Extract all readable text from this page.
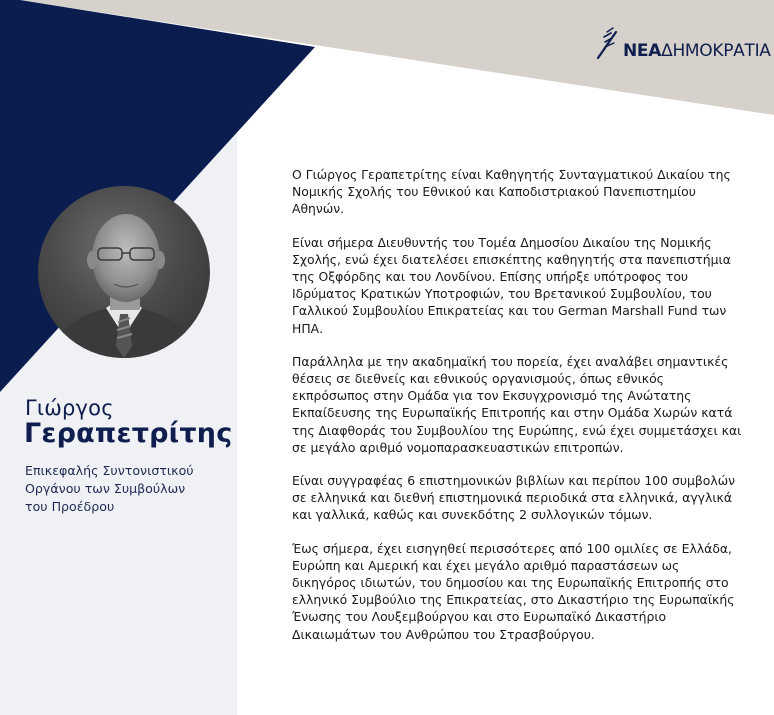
ΝΕΑΔΗΜΟΚΡΑΤΙΑ
Γιώργος
Γεραπετρίτης
Επικεφαλής Συντονιστικού
Οργάνου των Συμβούλων
του Προέδρου

Ο Γιώργος Γεραπετρίτης είναι Καθηγητής Συνταγματικού Δικαίου της
Νομικής Σχολής του Εθνικού και Καποδιστριακού Πανεπιστημίου
Αθηνών.

Είναι σήμερα Διευθυντής του Τομέα Δημοσίου Δικαίου της Νομικής
Σχολής, ενώ έχει διατελέσει επισκέπτης καθηγητής στα πανεπιστήμια
της Οξφόρδης και του Λονδίνου. Επίσης υπήρξε υπότροφος του
Ιδρύματος Κρατικών Υποτροφιών, του Βρετανικού Συμβουλίου, του
Γαλλικού Συμβουλίου Επικρατείας και του German Marshall Fund των
ΗΠΑ.

Παράλληλα με την ακαδημαϊκή του πορεία, έχει αναλάβει σημαντικές
θέσεις σε διεθνείς και εθνικούς οργανισμούς, όπως εθνικός
εκπρόσωπος στην Ομάδα για τον Εκσυγχρονισμό της Ανώτατης
Εκπαίδευσης της Ευρωπαϊκής Επιτροπής και στην Ομάδα Χωρών κατά
της Διαφθοράς του Συμβουλίου της Ευρώπης, ενώ έχει συμμετάσχει και
σε μεγάλο αριθμό νομοπαρασκευαστικών επιτροπών.

Είναι συγγραφέας 6 επιστημονικών βιβλίων και περίπου 100 συμβολών
σε ελληνικά και διεθνή επιστημονικά περιοδικά στα ελληνικά, αγγλικά
και γαλλικά, καθώς και συνεκδότης 2 συλλογικών τόμων.

Έως σήμερα, έχει εισηγηθεί περισσότερες από 100 ομιλίες σε Ελλάδα,
Ευρώπη και Αμερική και έχει μεγάλο αριθμό παραστάσεων ως
δικηγόρος ιδιωτών, του δημοσίου και της Ευρωπαϊκής Επιτροπής στο
ελληνικό Συμβούλιο της Επικρατείας, στο Δικαστήριο της Ευρωπαϊκής
Ένωσης του Λουξεμβούργου και στο Ευρωπαϊκό Δικαστήριο
Δικαιωμάτων του Ανθρώπου του Στρασβούργου.
